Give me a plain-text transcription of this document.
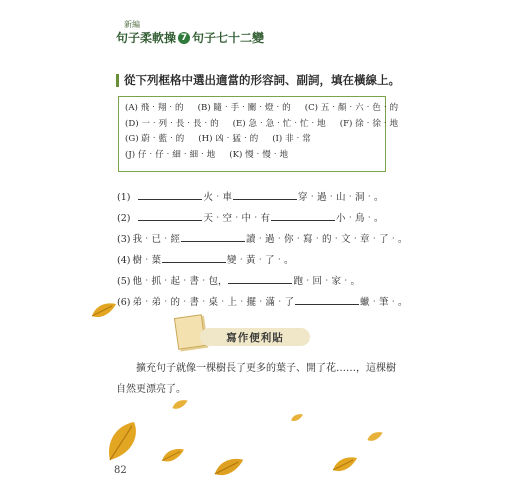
新編
句子柔軟操 7 句子七十二變
從下列框格中選出適當的形容詞、副詞，填在橫線上。
(A) 飛‧翔‧的 (B) 隨‧手‧關‧燈‧的 (C) 五‧顏‧六‧色‧的
(D) 一‧列‧長‧長‧的 (E) 急‧急‧忙‧忙‧地 (F) 徐‧徐‧地
(G) 蔚‧藍‧的 (H) 凶‧猛‧的 (I) 非‧常
(J) 仔‧仔‧細‧細‧地 (K) 慢‧慢‧地
(1)	火‧車	穿‧過‧山‧洞‧。
(2)	天‧空‧中‧有	小‧鳥‧。
(3) 我‧已‧經	讀‧過‧你‧寫‧的‧文‧章‧了‧。
(4) 樹‧葉	變‧黃‧了‧。
(5) 他‧抓‧起‧書‧包，	跑‧回‧家‧。
(6) 弟‧弟‧的‧書‧桌‧上‧擺‧滿‧了	蠟‧筆‧。
寫作便利貼
擴充句子就像一棵樹長了更多的葉子、開了花……，這棵樹自然更漂亮了。
82
